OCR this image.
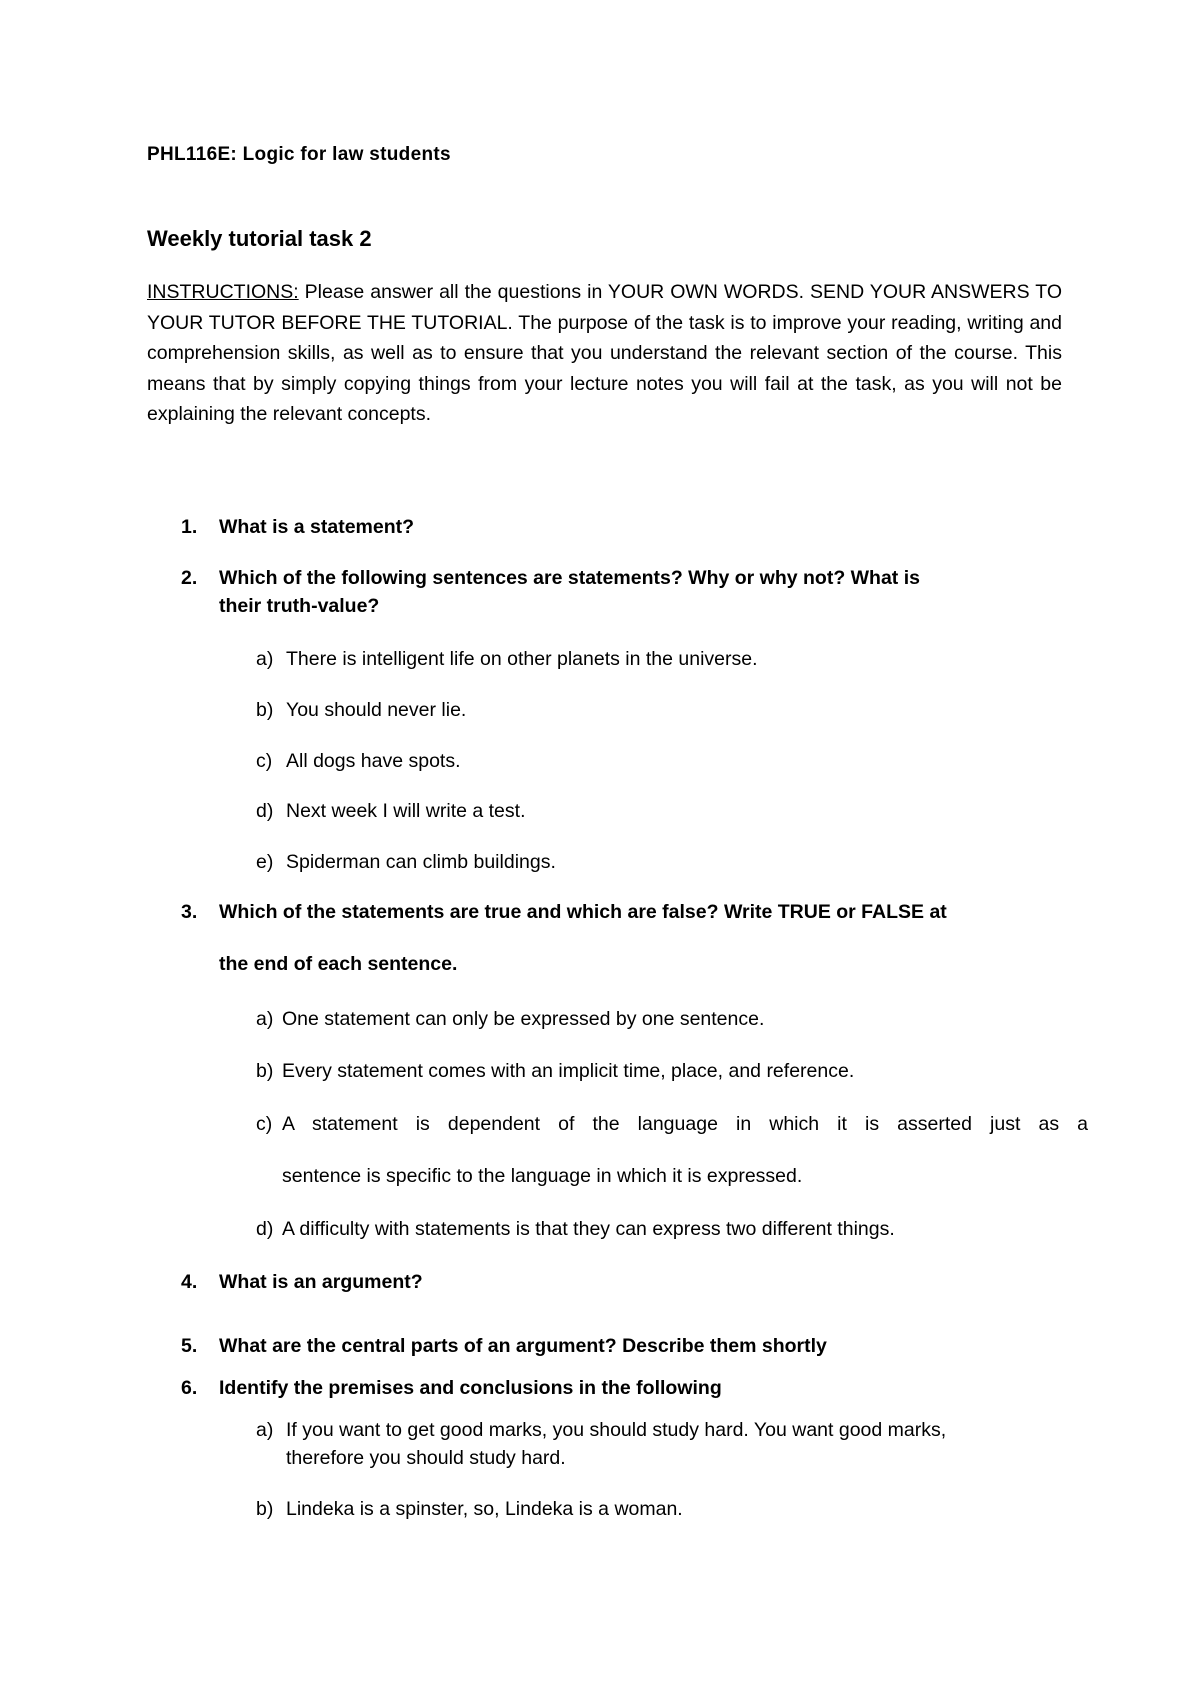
PHL116E: Logic for law students
Weekly tutorial task 2
INSTRUCTIONS: Please answer all the questions in YOUR OWN WORDS. SEND YOUR ANSWERS TO YOUR TUTOR BEFORE THE TUTORIAL. The purpose of the task is to improve your reading, writing and comprehension skills, as well as to ensure that you understand the relevant section of the course. This means that by simply copying things from your lecture notes you will fail at the task, as you will not be explaining the relevant concepts.
1. What is a statement?
2. Which of the following sentences are statements? Why or why not? What is
their truth-value?
a) There is intelligent life on other planets in the universe.
b) You should never lie.
c) All dogs have spots.
d) Next week I will write a test.
e) Spiderman can climb buildings.
3. Which of the statements are true and which are false? Write TRUE or FALSE at
the end of each sentence.
a) One statement can only be expressed by one sentence.
b) Every statement comes with an implicit time, place, and reference.
c) A statement is dependent of the language in which it is asserted just as a
sentence is specific to the language in which it is expressed.
d) A difficulty with statements is that they can express two different things.
4. What is an argument?
5. What are the central parts of an argument? Describe them shortly
6. Identify the premises and conclusions in the following
a) If you want to get good marks, you should study hard. You want good marks,
therefore you should study hard.
b) Lindeka is a spinster, so, Lindeka is a woman.
